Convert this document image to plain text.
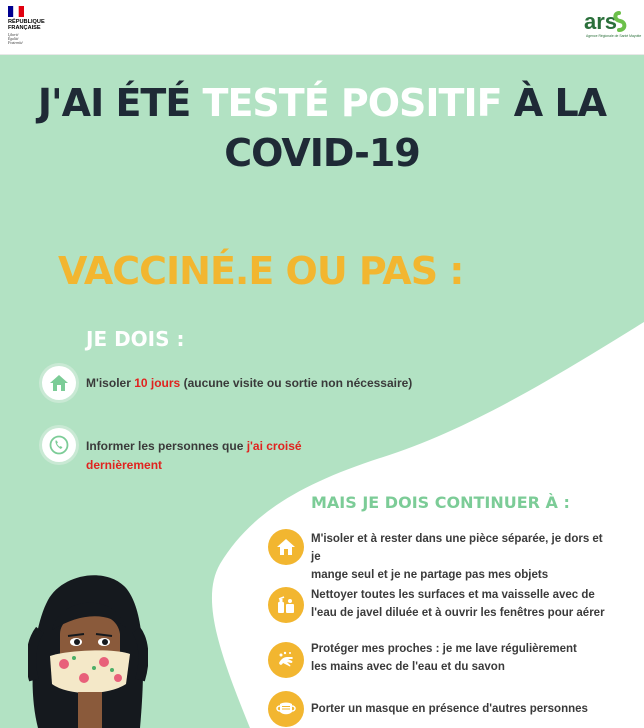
RÉPUBLIQUE
FRANÇAISE
Liberté
Égalité
Fraternité
ars
Agence Régionale de Santé Mayotte
J'AI ÉTÉ TESTÉ POSITIF À LA
COVID-19
VACCINÉ.E OU PAS :
JE DOIS :
M'isoler 10 jours (aucune visite ou sortie non nécessaire)
Informer les personnes que j'ai croisé
dernièrement
MAIS JE DOIS CONTINUER À :
M'isoler et à rester dans une pièce séparée, je dors et je
mange seul et je ne partage pas mes objets
Nettoyer toutes les surfaces et ma vaisselle avec de
l'eau de javel diluée et à ouvrir les fenêtres pour aérer
Protéger mes proches : je me lave régulièrement
les mains avec de l'eau et du savon
Porter un masque en présence d'autres personnes
